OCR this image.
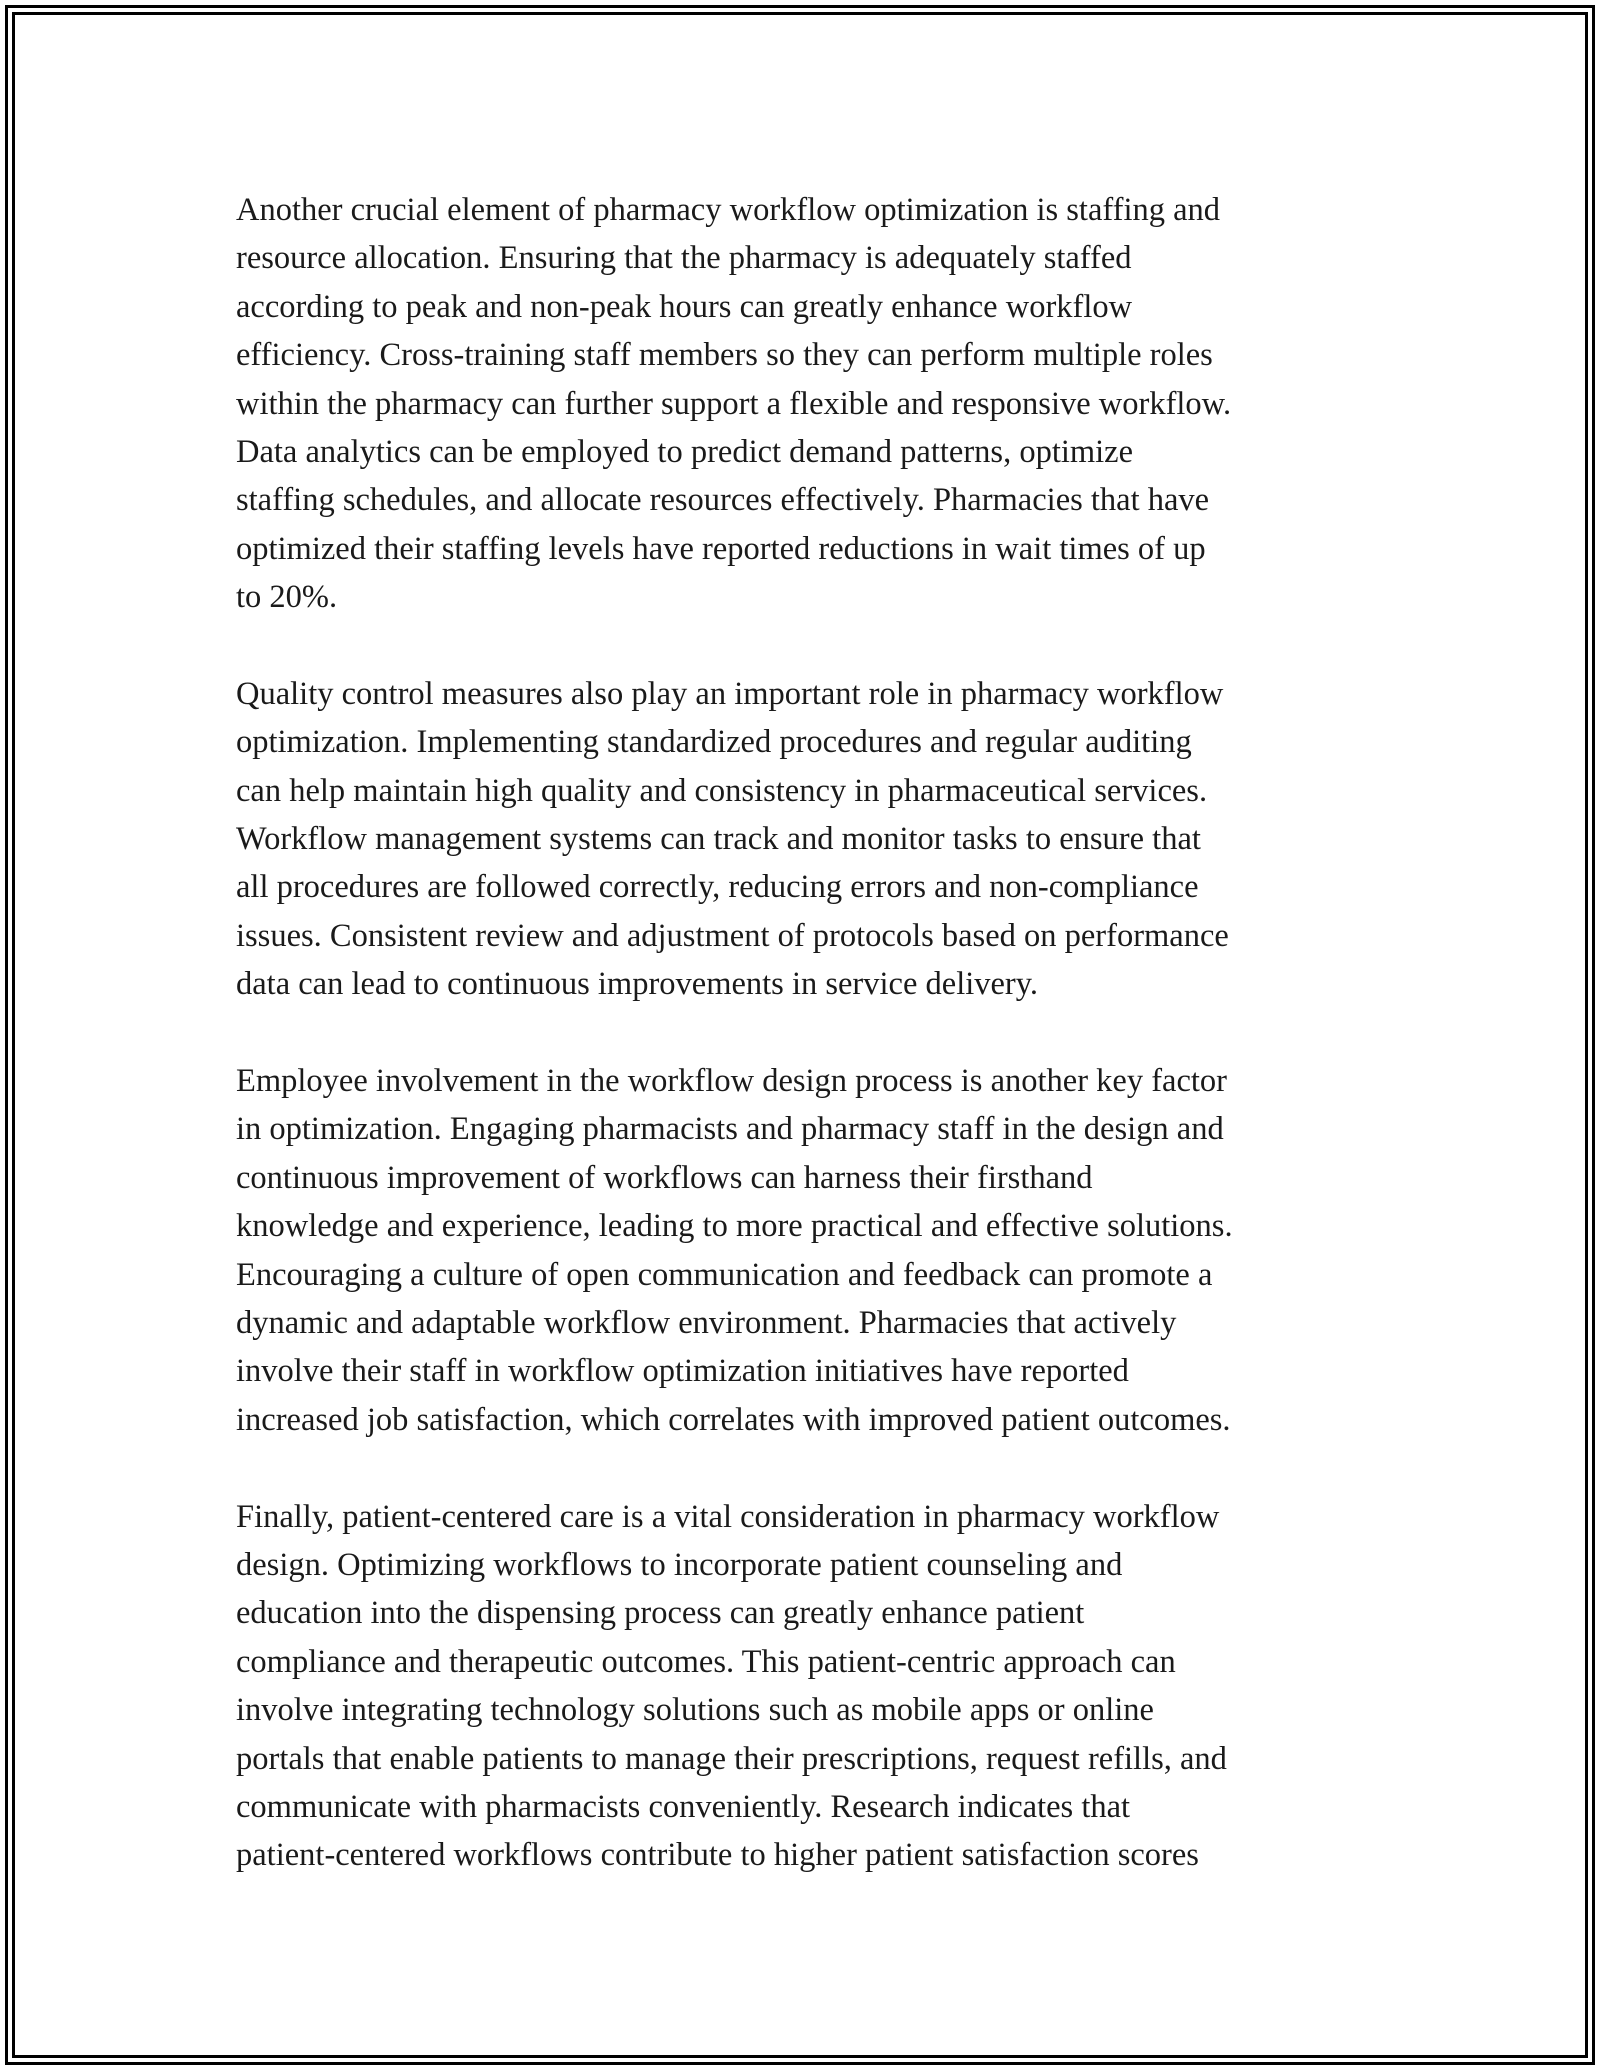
Another crucial element of pharmacy workflow optimization is staffing and
resource allocation. Ensuring that the pharmacy is adequately staffed
according to peak and non-peak hours can greatly enhance workflow
efficiency. Cross-training staff members so they can perform multiple roles
within the pharmacy can further support a flexible and responsive workflow.
Data analytics can be employed to predict demand patterns, optimize
staffing schedules, and allocate resources effectively. Pharmacies that have
optimized their staffing levels have reported reductions in wait times of up
to 20%.
Quality control measures also play an important role in pharmacy workflow
optimization. Implementing standardized procedures and regular auditing
can help maintain high quality and consistency in pharmaceutical services.
Workflow management systems can track and monitor tasks to ensure that
all procedures are followed correctly, reducing errors and non-compliance
issues. Consistent review and adjustment of protocols based on performance
data can lead to continuous improvements in service delivery.
Employee involvement in the workflow design process is another key factor
in optimization. Engaging pharmacists and pharmacy staff in the design and
continuous improvement of workflows can harness their firsthand
knowledge and experience, leading to more practical and effective solutions.
Encouraging a culture of open communication and feedback can promote a
dynamic and adaptable workflow environment. Pharmacies that actively
involve their staff in workflow optimization initiatives have reported
increased job satisfaction, which correlates with improved patient outcomes.
Finally, patient-centered care is a vital consideration in pharmacy workflow
design. Optimizing workflows to incorporate patient counseling and
education into the dispensing process can greatly enhance patient
compliance and therapeutic outcomes. This patient-centric approach can
involve integrating technology solutions such as mobile apps or online
portals that enable patients to manage their prescriptions, request refills, and
communicate with pharmacists conveniently. Research indicates that
patient-centered workflows contribute to higher patient satisfaction scores
